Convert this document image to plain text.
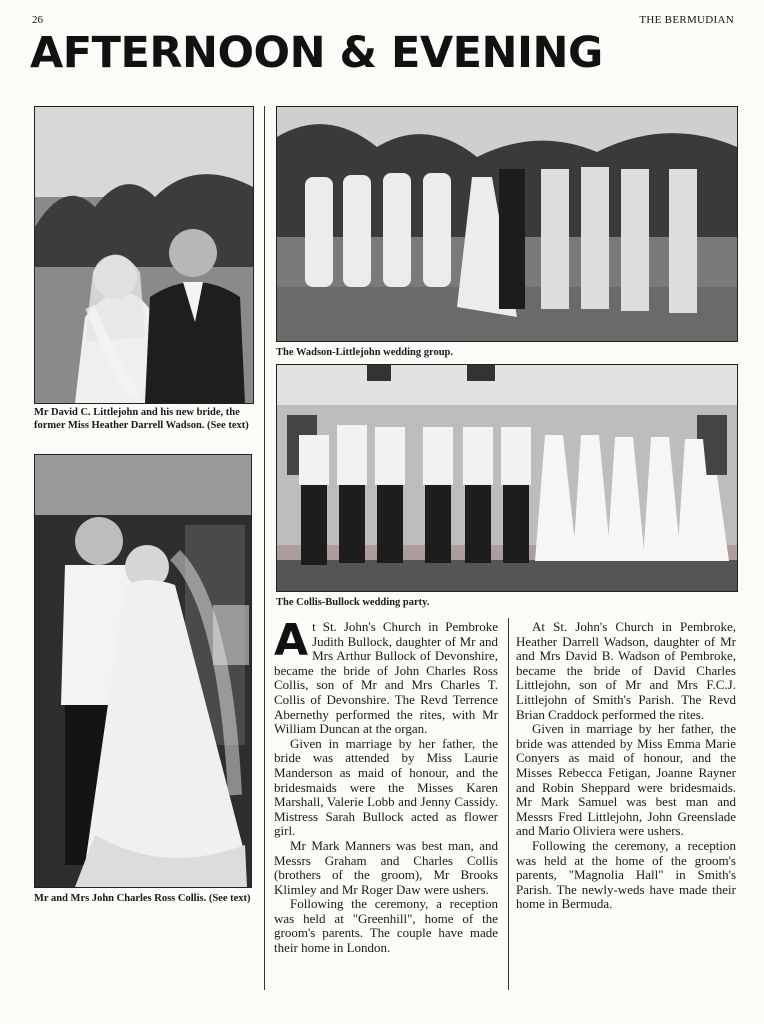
26	THE BERMUDIAN
AFTERNOON & EVENING
Mr David C. Littlejohn and his new bride, the former Miss Heather Darrell Wadson. (See text)
The Wadson-Littlejohn wedding group.
The Collis-Bullock wedding party.
Mr and Mrs John Charles Ross Collis. (See text)

At St. John's Church in Pembroke Judith Bullock, daughter of Mr and Mrs Arthur Bullock of Devonshire, became the bride of John Charles Ross Collis, son of Mr and Mrs Charles T. Collis of Devonshire. The Revd Terrence Abernethy performed the rites, with Mr William Duncan at the organ.

Given in marriage by her father, the bride was attended by Miss Laurie Manderson as maid of honour, and the bridesmaids were the Misses Karen Marshall, Valerie Lobb and Jenny Cassidy. Mistress Sarah Bullock acted as flower girl.

Mr Mark Manners was best man, and Messrs Graham and Charles Collis (brothers of the groom), Mr Brooks Klimley and Mr Roger Daw were ushers.

Following the ceremony, a reception was held at "Greenhill", home of the groom's parents. The couple have made their home in London.

At St. John's Church in Pembroke, Heather Darrell Wadson, daughter of Mr and Mrs David B. Wadson of Pembroke, became the bride of David Charles Littlejohn, son of Mr and Mrs F.C.J. Littlejohn of Smith's Parish. The Revd Brian Craddock performed the rites.

Given in marriage by her father, the bride was attended by Miss Emma Marie Conyers as maid of honour, and the Misses Rebecca Fetigan, Joanne Rayner and Robin Sheppard were bridesmaids. Mr Mark Samuel was best man and Messrs Fred Littlejohn, John Greenslade and Mario Oliviera were ushers.

Following the ceremony, a reception was held at the home of the groom's parents, "Magnolia Hall" in Smith's Parish. The newly-weds have made their home in Bermuda.
